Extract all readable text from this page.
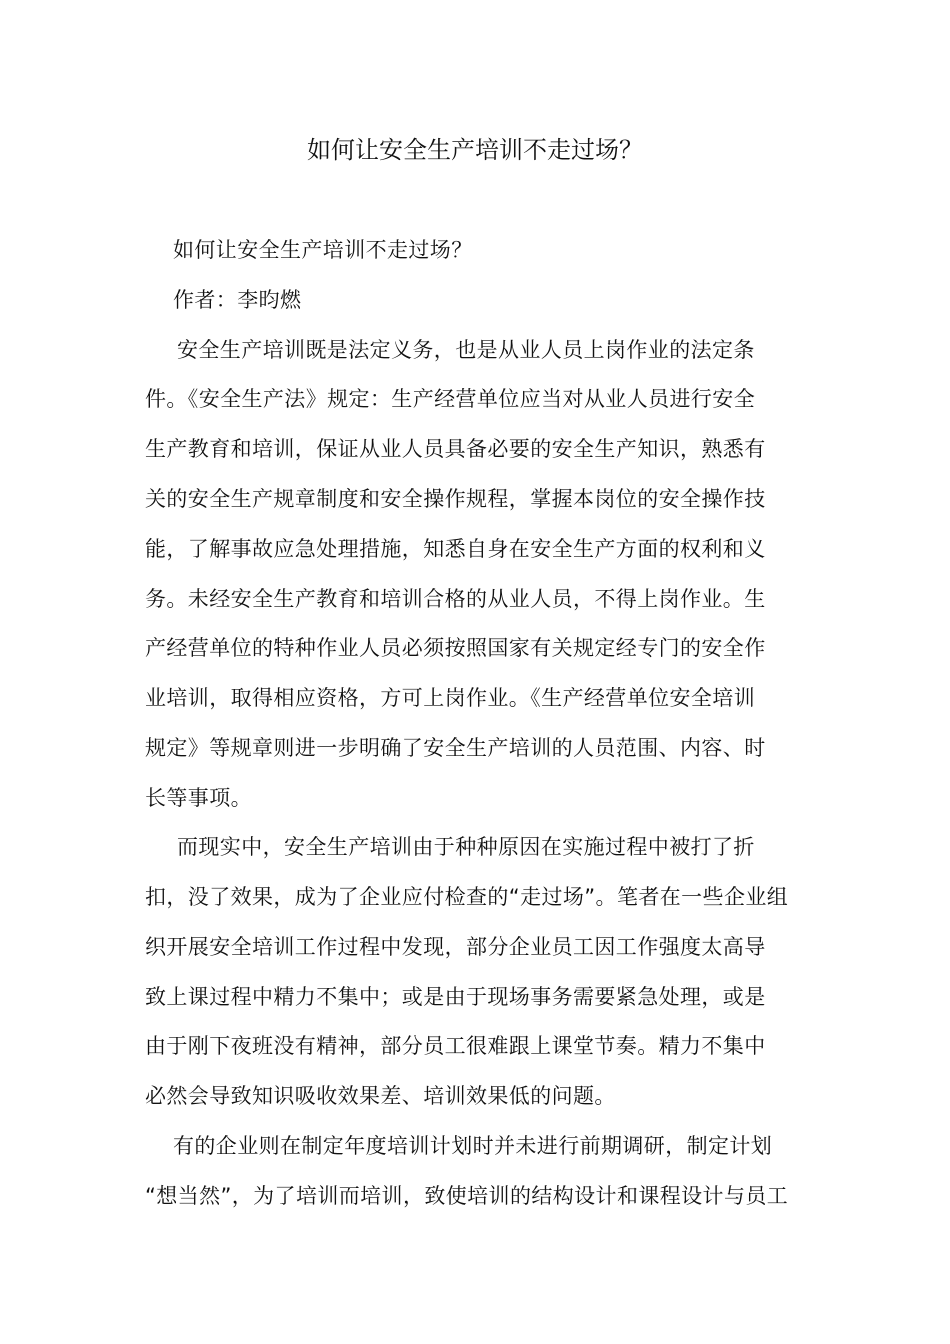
如何让安全生产培训不走过场？
如何让安全生产培训不走过场？
作者：李昀燃
安全生产培训既是法定义务，也是从业人员上岗作业的法定条
件。《安全生产法》规定：生产经营单位应当对从业人员进行安全
生产教育和培训，保证从业人员具备必要的安全生产知识，熟悉有
关的安全生产规章制度和安全操作规程，掌握本岗位的安全操作技
能，了解事故应急处理措施，知悉自身在安全生产方面的权利和义
务。未经安全生产教育和培训合格的从业人员，不得上岗作业。生
产经营单位的特种作业人员必须按照国家有关规定经专门的安全作
业培训，取得相应资格，方可上岗作业。《生产经营单位安全培训
规定》等规章则进一步明确了安全生产培训的人员范围、内容、时
长等事项。
而现实中，安全生产培训由于种种原因在实施过程中被打了折
扣，没了效果，成为了企业应付检查的“走过场”。笔者在一些企业组
织开展安全培训工作过程中发现，部分企业员工因工作强度太高导
致上课过程中精力不集中；或是由于现场事务需要紧急处理，或是
由于刚下夜班没有精神，部分员工很难跟上课堂节奏。精力不集中
必然会导致知识吸收效果差、培训效果低的问题。
有的企业则在制定年度培训计划时并未进行前期调研，制定计划
“想当然”，为了培训而培训，致使培训的结构设计和课程设计与员工
